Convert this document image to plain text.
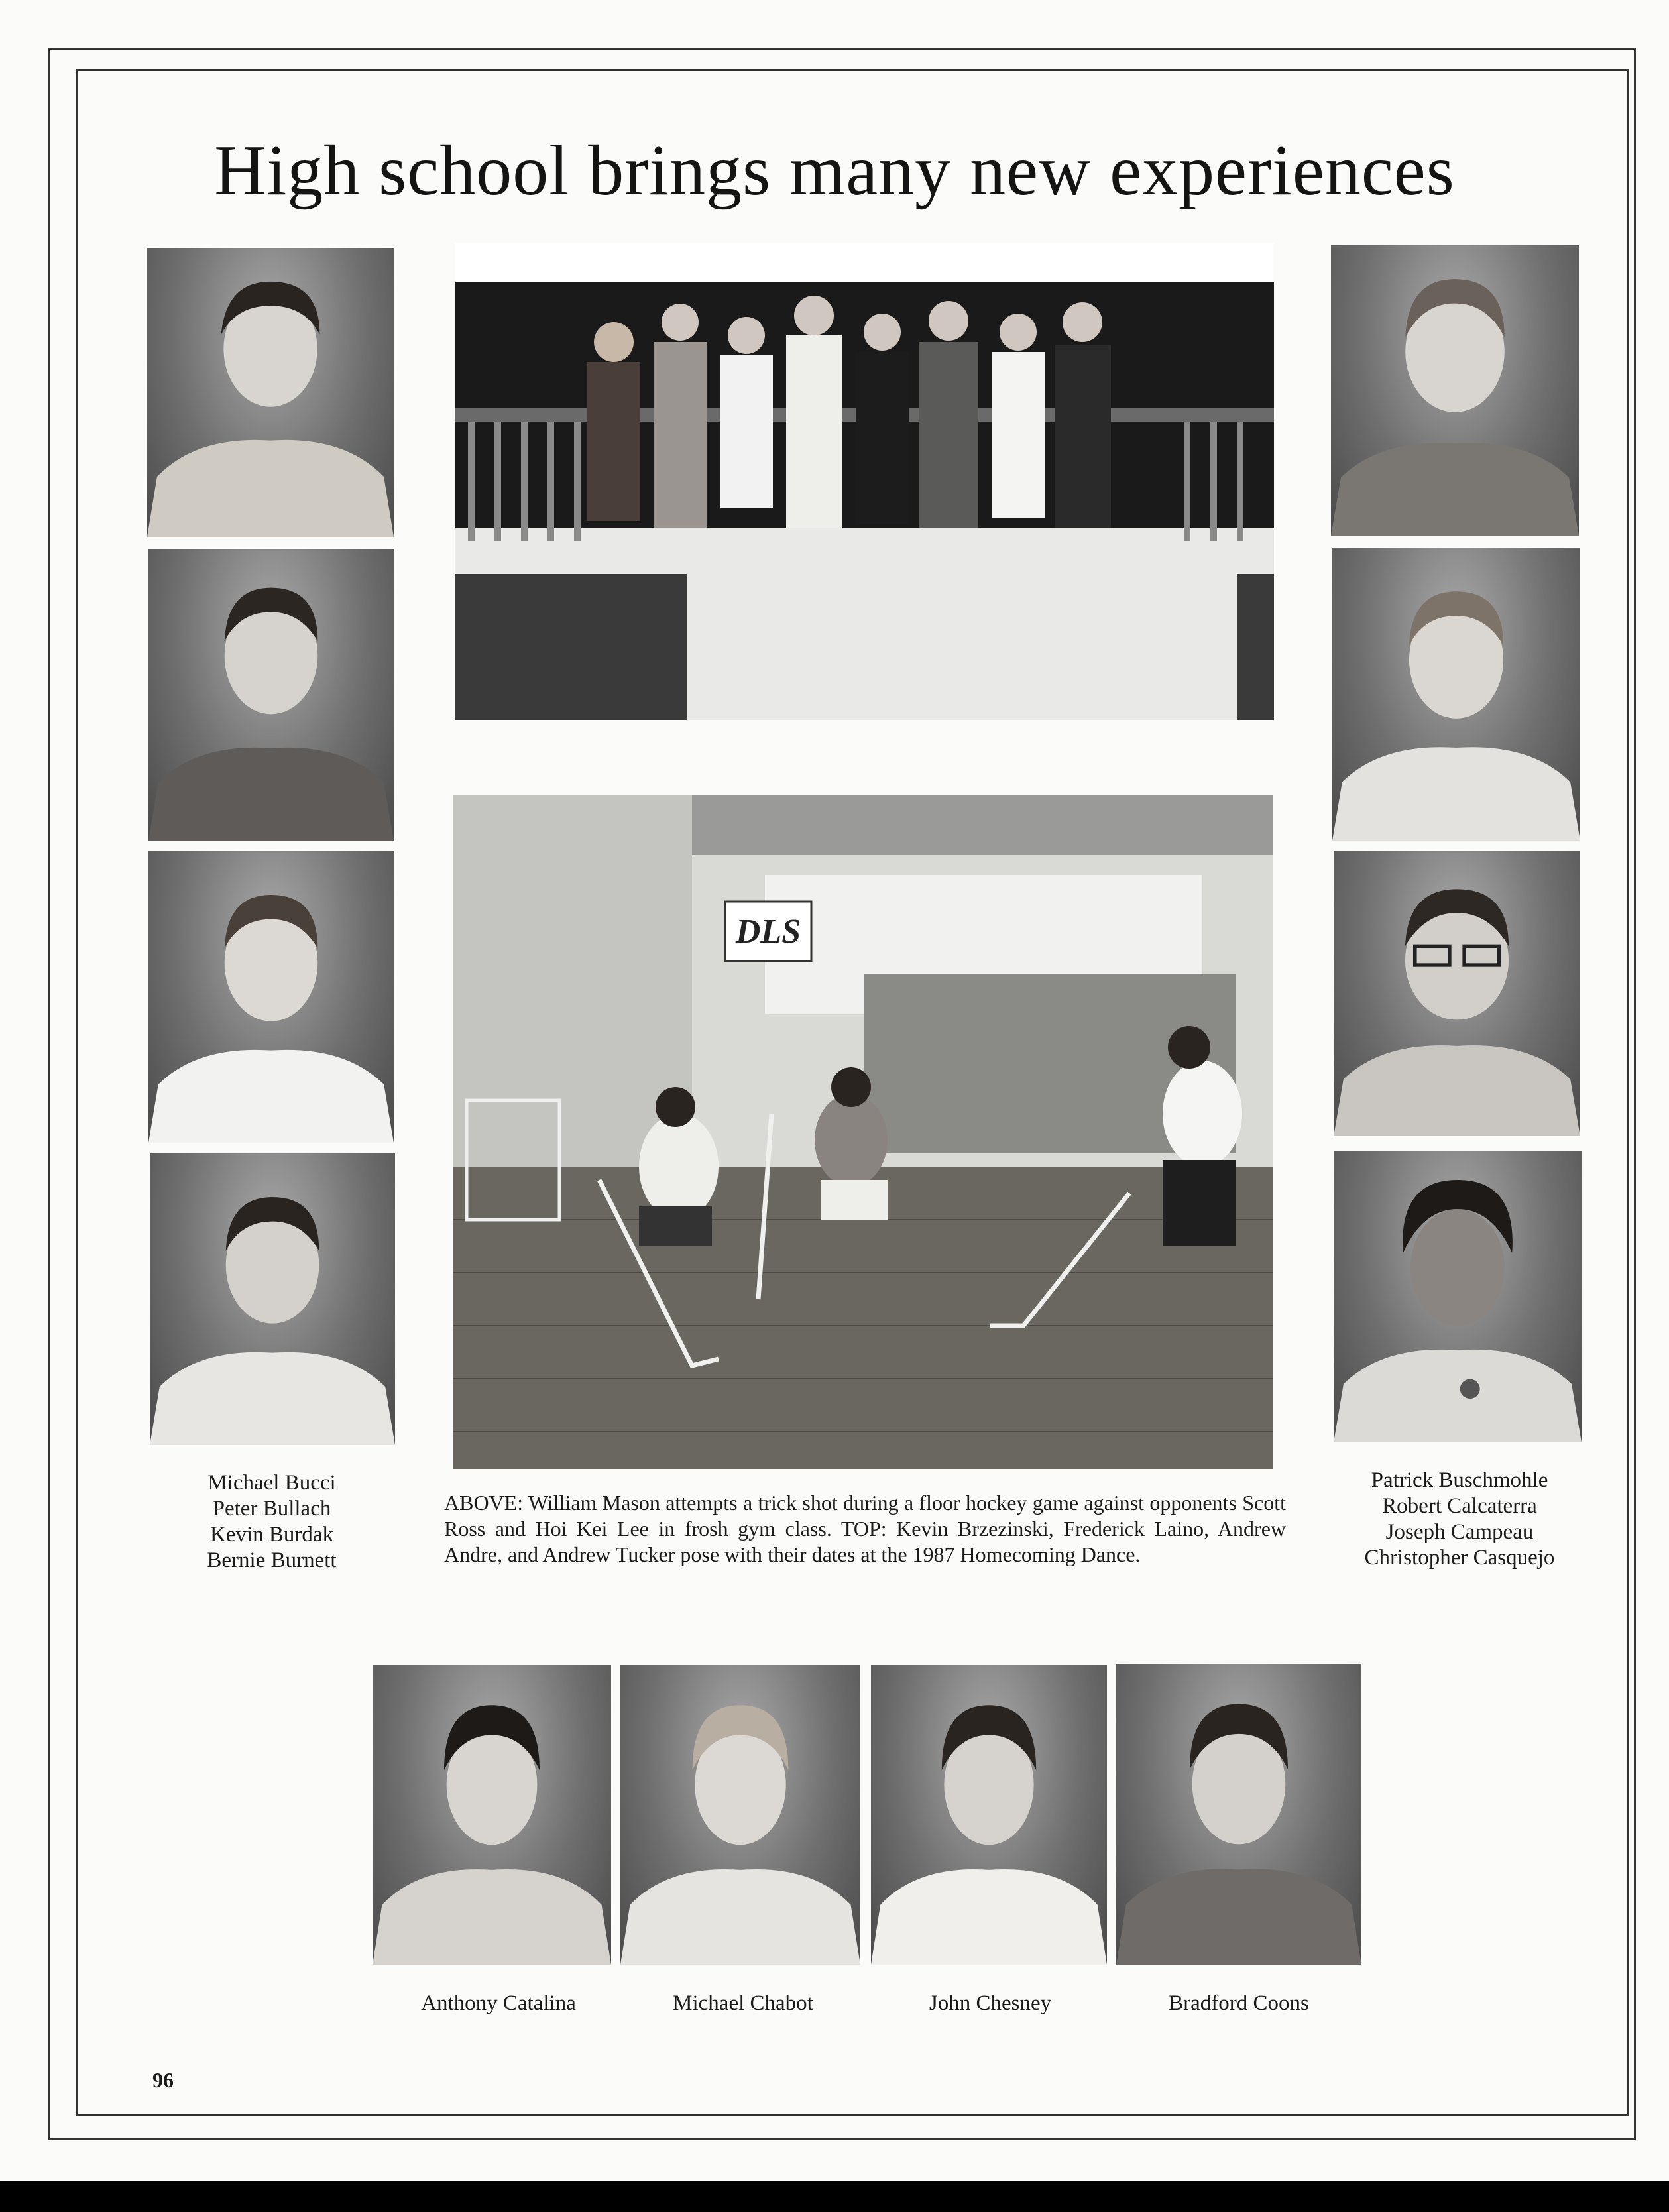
High school brings many new experiences
DLS
Michael Bucci
Peter Bullach
Kevin Burdak
Bernie Burnett
Patrick Buschmohle
Robert Calcaterra
Joseph Campeau
Christopher Casquejo
ABOVE: William Mason attempts a trick shot during a floor hockey game against opponents Scott Ross and Hoi Kei Lee in frosh gym class. TOP: Kevin Brzezinski, Frederick Laino, Andrew Andre, and Andrew Tucker pose with their dates at the 1987 Homecoming Dance.
Anthony Catalina	Michael Chabot	John Chesney	Bradford Coons
96
